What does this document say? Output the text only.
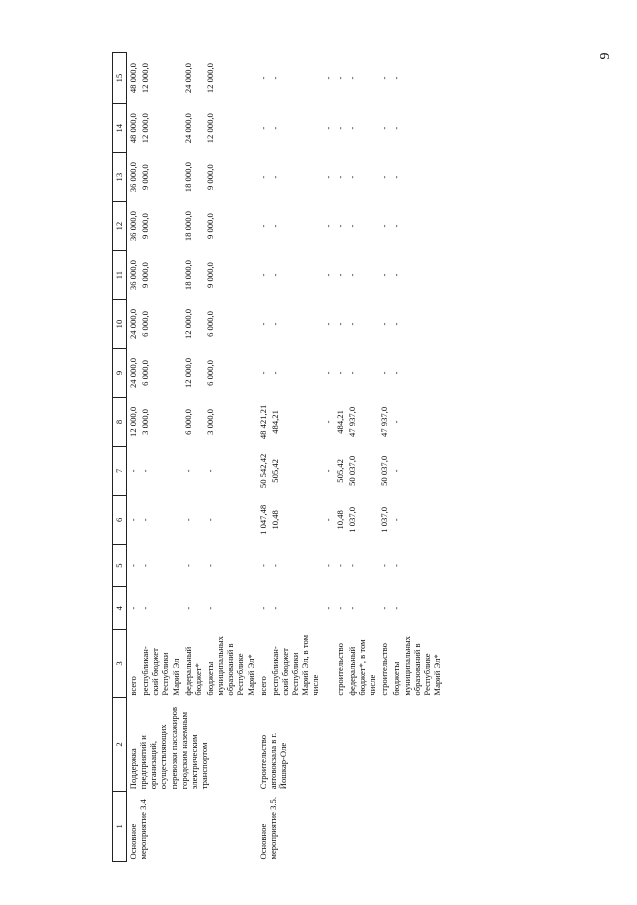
9
1	2	3	4	5	6	7	8	9	10	11	12	13	14	15
Основное мероприятие 3.4	Поддержка предприятий и организаций, осуществляющих перевозки пассажиров городским наземным электрическим транспортом	всего	-	-	-	-	12 000,0	24 000,0	24 000,0	36 000,0	36 000,0	36 000,0	48 000,0	48 000,0
		республикан-ский бюджет Республики Марий Эл	-	-	-	-	3 000,0	6 000,0	6 000,0	9 000,0	9 000,0	9 000,0	12 000,0	12 000,0
		федеральный бюджет*	-	-	-	-	6 000,0	12 000,0	12 000,0	18 000,0	18 000,0	18 000,0	24 000,0	24 000,0
		бюджеты муниципальных образований в Республике Марий Эл*	-	-	-	-	3 000,0	6 000,0	6 000,0	9 000,0	9 000,0	9 000,0	12 000,0	12 000,0
Основное мероприятие 3.5.	Строительство автовокзала в г. Йошкар-Оле	всего	-	-	1 047,48	50 542,42	48 421,21	-	-	-	-	-	-	-
		республикан-ский бюджет Республики Марий Эл, в том числе	-	-	10,48	505,42	484,21	-	-	-	-	-	-	-
			-	-	-	-	-	-	-	-	-	-	-	-
		строительство	-	-	10,48	505,42	484,21	-	-	-	-	-	-	-
		федеральный бюджет*, в том числе	-	-	1 037,0	50 037,0	47 937,0	-	-	-	-	-	-	-
		строительство	-	-	1 037,0	50 037,0	47 937,0	-	-	-	-	-	-	-
		бюджеты муниципальных образований в Республике Марий Эл*	-	-	-	-	-	-	-	-	-	-	-	-
